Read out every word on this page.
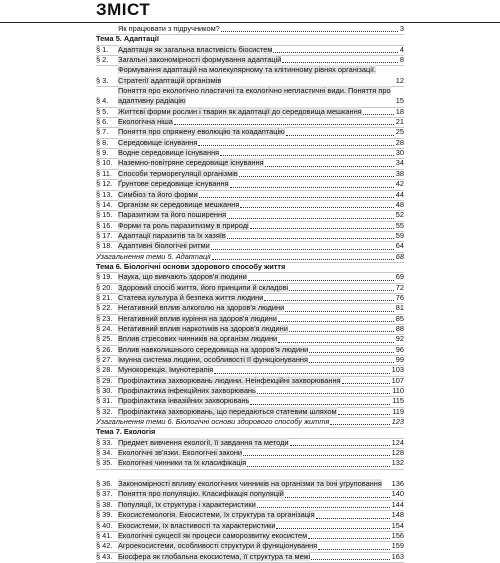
ЗМІСТ
Як працювати з підручником?	3
Тема 5. Адаптації
§ 1.	Адаптація як загальна властивість біосистем	4
§ 2.	Загальні закономірності формування адаптацій	8
§ 3.
Формування адаптацій на молекулярному та клітинному рівнях організації. Стратегії адаптацій організмів	12
§ 4.
Поняття про екологічно пластичні та екологічно непластичні види. Поняття про адаптивну радіацію	15
§ 5.	Життєві форми рослин і тварин як адаптації до середовища мешкання	18
§ 6.	Екологічна ніша	21
§ 7.	Поняття про спряжену еволюцію та коадаптацію	25
§ 8.	Середовище існування	28
§ 9.	Водне середовище існування	30
§ 10. Наземно-повітряне середовище існування	34
§ 11. Способи терморегуляції організмів	38
§ 12. Ґрунтове середовище існування	42
§ 13. Симбіоз та його форми	44
§ 14. Організм як середовище мешкання	48
§ 15. Паразитизм та його поширення	52
§ 16. Форми та роль паразитизму в природі	55
§ 17. Адаптації паразитів та їх хазяїв	59
§ 18. Адаптивні біологічні ритми	64
Узагальнення теми 5. Адаптації	68
Тема 6. Біологічні основи здорового способу життя
§ 19. Наука, що вивчають здоров'я людини	69
§ 20. Здоровий спосіб життя, його принципи й складові	72
§ 21. Статева культура й безпека життя людини	76
§ 22. Негативний вплив алкоголю на здоров'я людини	81
§ 23. Негативний вплив куріння на здоров'я людини	85
§ 24. Негативний вплив наркотиків на здоров'я людини	88
§ 25. Вплив стресових чинників на організм людини	92
§ 26. Вплив навколишнього середовища на здоров'я людини	96
§ 27. Імунна система людини, особливості її функціонування	99
§ 28. Мунокорекція. Імунотерапія	103
§ 29. Профілактика захворювань людини. Неінфекційні захворювання	107
§ 30. Профілактика інфекційних захворювань	110
§ 31. Профілактика інвазійних захворювань	115
§ 32. Профілактика захворювань, що передаються статевим шляхом	119
Узагальнення теми 6. Біологічні основи здорового способу життя	123
Тема 7. Екологія
§ 33. Предмет вивчення екології, її завдання та методи	124
§ 34. Екологічні зв'язки. Екологічні закони	128
§ 35. Екологічні чинники та їх класифікація	132
§ 36. Закономірності впливу екологічних чинників на організми та їхні угруповання	136
§ 37. Поняття про популяцію. Класифікація популяцій	140
§ 38. Популяції, їх структура і характеристики	144
§ 39. Екосистемологія. Екосистеми, їх структура та організація	148
§ 40. Екосистеми, їх властивості та характеристики	154
§ 41. Екологічні сукцесії як процеси саморозвитку екосистем	156
§ 42. Агроекосистеми, особливості структури й функціонування	159
§ 43. Біосфера як глобальна екосистема, її структура та межі	163
